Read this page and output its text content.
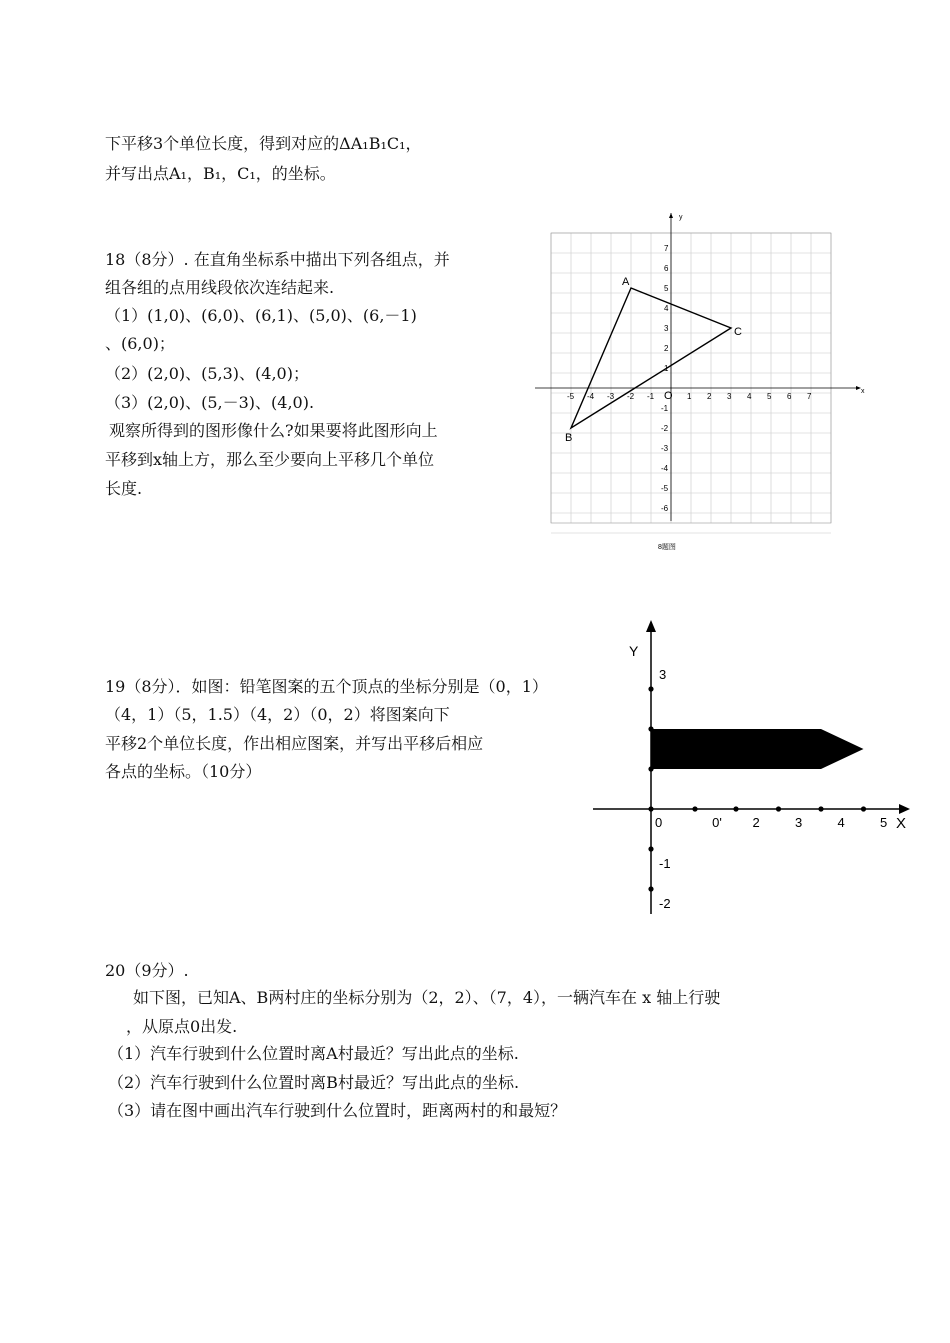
下平移3个单位长度，得到对应的ΔA₁B₁C₁，
并写出点A₁，B₁，C₁，的坐标。
18（8分）. 在直角坐标系中描出下列各组点，并
组各组的点用线段依次连结起来.
（1）(1,0)、(6,0)、(6,1)、(5,0)、(6,－1)
、(6,0)；
（2）(2,0)、(5,3)、(4,0)；
（3）(2,0)、(5,－3)、(4,0).
观察所得到的图形像什么?如果要将此图形向上
平移到x轴上方，那么至少要向上平移几个单位
长度.
-5 -4 -3 -2 -1	1 2 3 4 5 6 7
7
6
5
4
3
2
1
-1
-2
-3
-4
-5
-6
A
B
C
x
y
O
8题图
19（8分）．如图：铅笔图案的五个顶点的坐标分别是（0，1）
（4，1）（5，1.5）（4，2）（0，2）将图案向下
平移2个单位长度，作出相应图案，并写出平移后相应
各点的坐标。（10分）
0	0' 2	3	4	5
3
1
-1
-2
X
Y
20（9分）.
如下图，已知A、B两村庄的坐标分别为（2，2）、（7，4），一辆汽车在 x 轴上行驶
，从原点0出发.
（1）汽车行驶到什么位置时离A村最近？写出此点的坐标.
（2）汽车行驶到什么位置时离B村最近？写出此点的坐标.
（3）请在图中画出汽车行驶到什么位置时，距离两村的和最短？
